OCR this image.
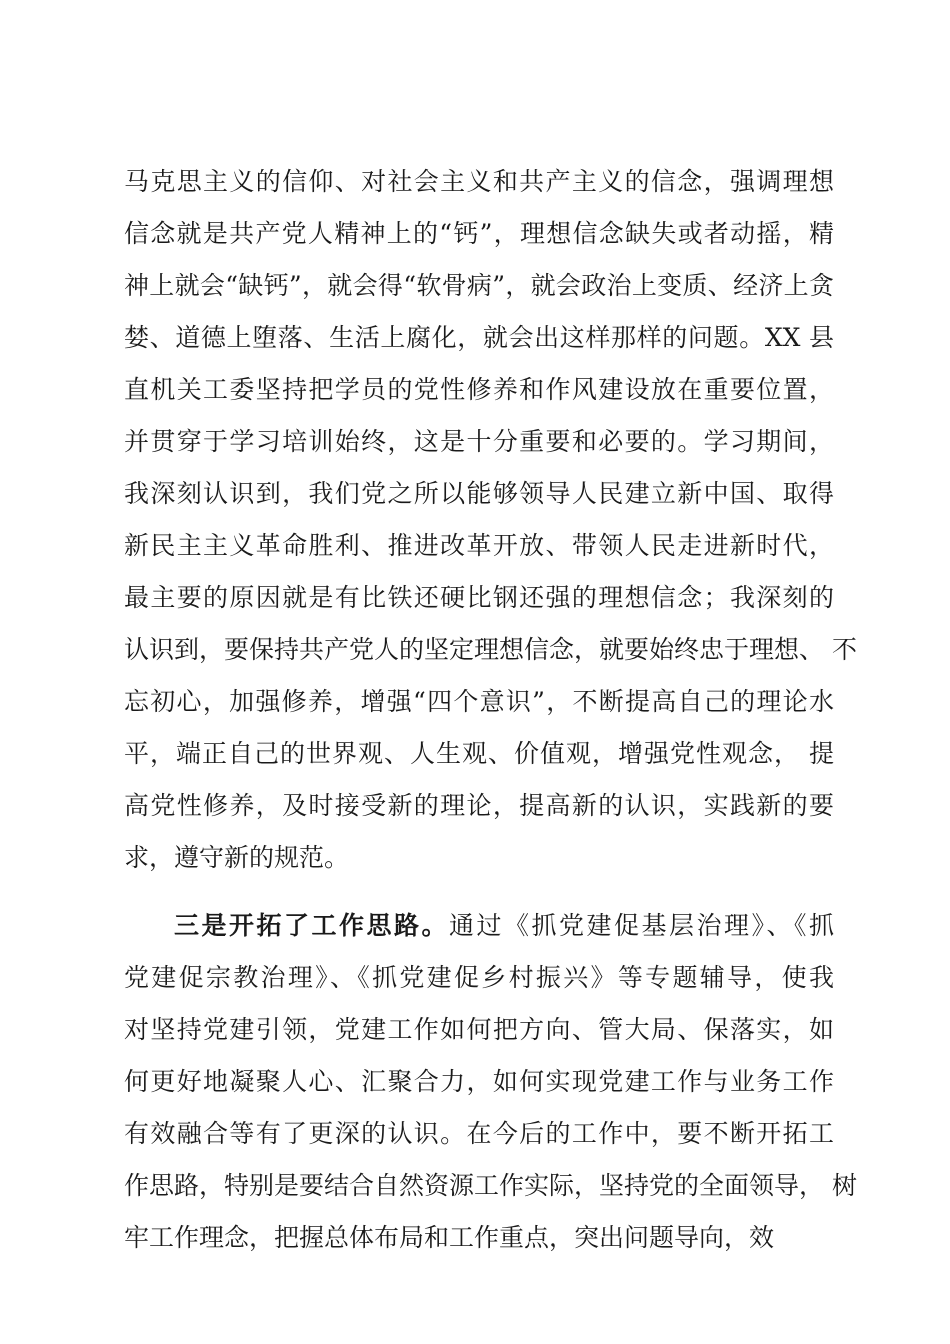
马克思主义的信仰、对社会主义和共产主义的信念，强调理想
信念就是共产党人精神上的“钙”，理想信念缺失或者动摇，精
神上就会“缺钙”，就会得“软骨病”，就会政治上变质、经济上贪
婪、道德上堕落、生活上腐化，就会出这样那样的问题。XX 县
直机关工委坚持把学员的党性修养和作风建设放在重要位置，
并贯穿于学习培训始终，这是十分重要和必要的。学习期间，
我深刻认识到，我们党之所以能够领导人民建立新中国、取得
新民主主义革命胜利、推进改革开放、带领人民走进新时代，
最主要的原因就是有比铁还硬比钢还强的理想信念；我深刻的
认识到，要保持共产党人的坚定理想信念，就要始终忠于理想、 不
忘初心，加强修养，增强“四个意识”，不断提高自己的理论水
平，端正自己的世界观、人生观、价值观，增强党性观念， 提
高党性修养，及时接受新的理论，提高新的认识，实践新的要
求，遵守新的规范。
三是开拓了工作思路。通过《抓党建促基层治理》、《抓
党建促宗教治理》、《抓党建促乡村振兴》等专题辅导，使我
对坚持党建引领，党建工作如何把方向、管大局、保落实，如
何更好地凝聚人心、汇聚合力，如何实现党建工作与业务工作
有效融合等有了更深的认识。在今后的工作中，要不断开拓工
作思路，特别是要结合自然资源工作实际，坚持党的全面领导， 树
牢工作理念，把握总体布局和工作重点，突出问题导向，效
